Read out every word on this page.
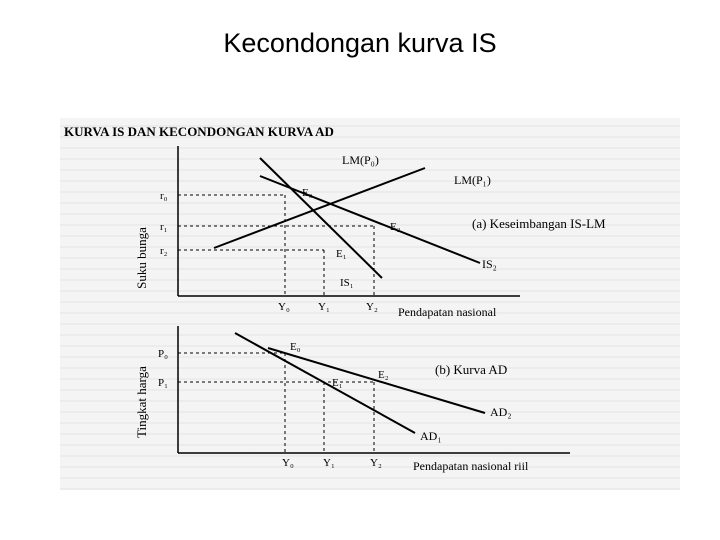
Kecondongan kurva IS
KURVA IS DAN KECONDONGAN KURVA AD
Suku bunga
Pendapatan nasional
LM(P₀)
LM(P₁)
IS₁
IS₂
(a) Keseimbangan IS-LM
E₀
E₁
E₂
r₀
r₁
r₂
Y₀	Y₁	Y₂
Tingkat harga
Pendapatan nasional riil
AD₂
AD₁
(b) Kurva AD
E₀
E₁
E₂
P₀
P₁
Y₀	Y₁	Y₂
